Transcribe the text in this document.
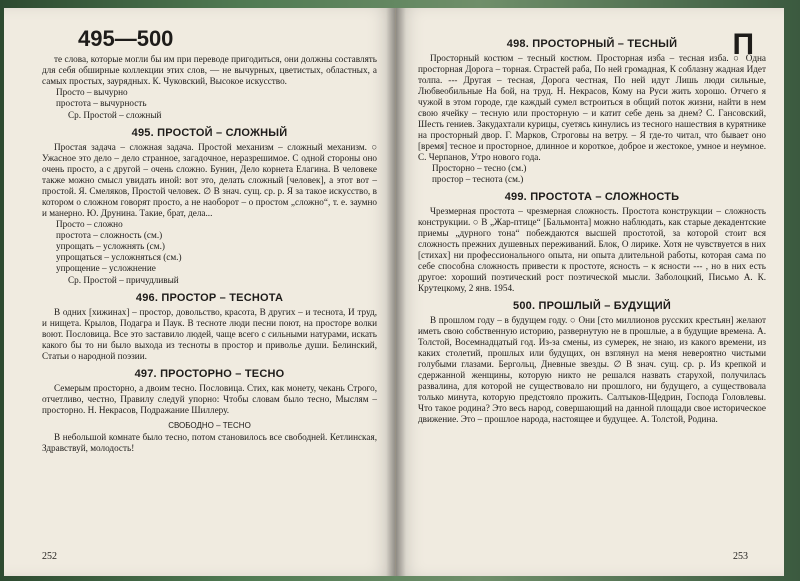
495—500

те слова, которые могли бы им при переводе пригодиться, они должны составлять для себя обширные коллекции этих слов, — не вычурных, цветистых, областных, а самых простых, заурядных. К. Чуковский, Высокое искусство.

Просто – вычурно

простота – вычурность

Ср. Простой – сложный

495. ПРОСТОЙ – СЛОЖНЫЙ

Простая задача – сложная задача. Простой механизм – сложный механизм. ○ Ужасное это дело – дело странное, загадочное, неразрешимое. С одной стороны оно очень просто, а с другой – очень сложно. Бунин, Дело корнета Елагина. В человеке также можно смысл увидать иной: вот это, делать сложный [человек], а этот вот – простой. Я. Смеляков, Простой человек. ∅ В знач. сущ. ср. р. Я за такое искусство, в котором о сложном говорят просто, а не наоборот – о простом „сложно“, т. е. заумно и манерно. Ю. Друнина. Такие, брат, дела...

Просто – сложно

простота – сложность (см.)

упрощать – усложнять (см.)

упрощаться – усложняться (см.)

упрощение – усложнение

Ср. Простой – причудливый

496. ПРОСТОР – ТЕСНОТА

В одних [хижинах] – простор, довольство, красота, В других – и теснота, И труд, и нищета. Крылов, Подагра и Паук. В тесноте люди песни поют, на просторе волки воют. Пословица. Все это заставило людей, чаще всего с сильными натурами, искать какого бы то ни было выхода из тесноты в простор и приволье души. Белинский, Статьи о народной поэзии.

497. ПРОСТОРНО – ТЕСНО

Семерым просторно, а двоим тесно. Пословица. Стих, как монету, чекань Строго, отчетливо, честно, Правилу следуй упорно: Чтобы словам было тесно, Мыслям – просторно. Н. Некрасов, Подражание Шиллеру.

СВОБОДНО – ТЕСНО

В небольшой комнате было тесно, потом становилось все свободней. Кетлинская, Здравствуй, молодость!

252
П
498. ПРОСТОРНЫЙ – ТЕСНЫЙ

Просторный костюм – тесный костюм. Просторная изба – тесная изба. ○ Одна просторная Дорога – торная. Страстей раба, По ней громадная, К соблазну жадная Идет толпа. --- Другая – тесная, Дорога честная, По ней идут Лишь люди сильные, Любвеобильные На бой, на труд. Н. Некрасов, Кому на Руси жить хорошо. Отчего я чужой в этом городе, где каждый сумел встроиться в общий поток жизни, найти в нем свою ячейку – тесную или просторную – и катит себе день за днем? С. Гансовский, Шесть гениев. Закудахтали курицы, суетясь кинулись из тесного нашествия в курятнике на просторный двор. Г. Марков, Строговы на ветру. – Я где-то читал, что бывает оно [время] тесное и просторное, длинное и короткое, доброе и жестокое, умное и неумное. С. Черпанов, Утро нового года.

Просторно – тесно (см.)

простор – теснота (см.)

499. ПРОСТОТА – СЛОЖНОСТЬ

Чрезмерная простота – чрезмерная сложность. Простота конструкции – сложность конструкции. ○ В „Жар-птице“ [Бальмонта] можно наблюдать, как старые декадентские приемы „дурного тона“ побеждаются высшей простотой, за которой стоит вся сложность прежних душевных переживаний. Блок, О лирике. Хотя не чувствуется в них [стихах] ни профессионального опыта, ни опыта длительной работы, которая сама по себе способна сложность привести к простоте, ясность – к ясности --- , но в них есть другое: хороший поэтический рост поэтической мысли. Заболоцкий, Письмо А. К. Крутецкому, 2 янв. 1954.

500. ПРОШЛЫЙ – БУДУЩИЙ

В прошлом году – в будущем году. ○ Они [сто миллионов русских крестьян] желают иметь свою собственную историю, развернутую не в прошлые, а в будущие времена. А. Толстой, Восемнадцатый год. Из-за смены, из сумерек, не знаю, из какого времени, из каких столетий, прошлых или будущих, он взглянул на меня невероятно чистыми голубыми глазами. Бергольц, Дневные звезды. ∅ В знач. сущ. ср. р. Из крепкой и сдержанной женщины, которую никто не решался назвать старухой, получилась развалина, для которой не существовало ни прошлого, ни будущего, а существовала только минута, которую предстояло прожить. Салтыков-Щедрин, Господа Головлевы. Что такое родина? Это весь народ, совершающий на данной площади свое историческое движение. Это – прошлое народа, настоящее и будущее. А. Толстой, Родина.

253
